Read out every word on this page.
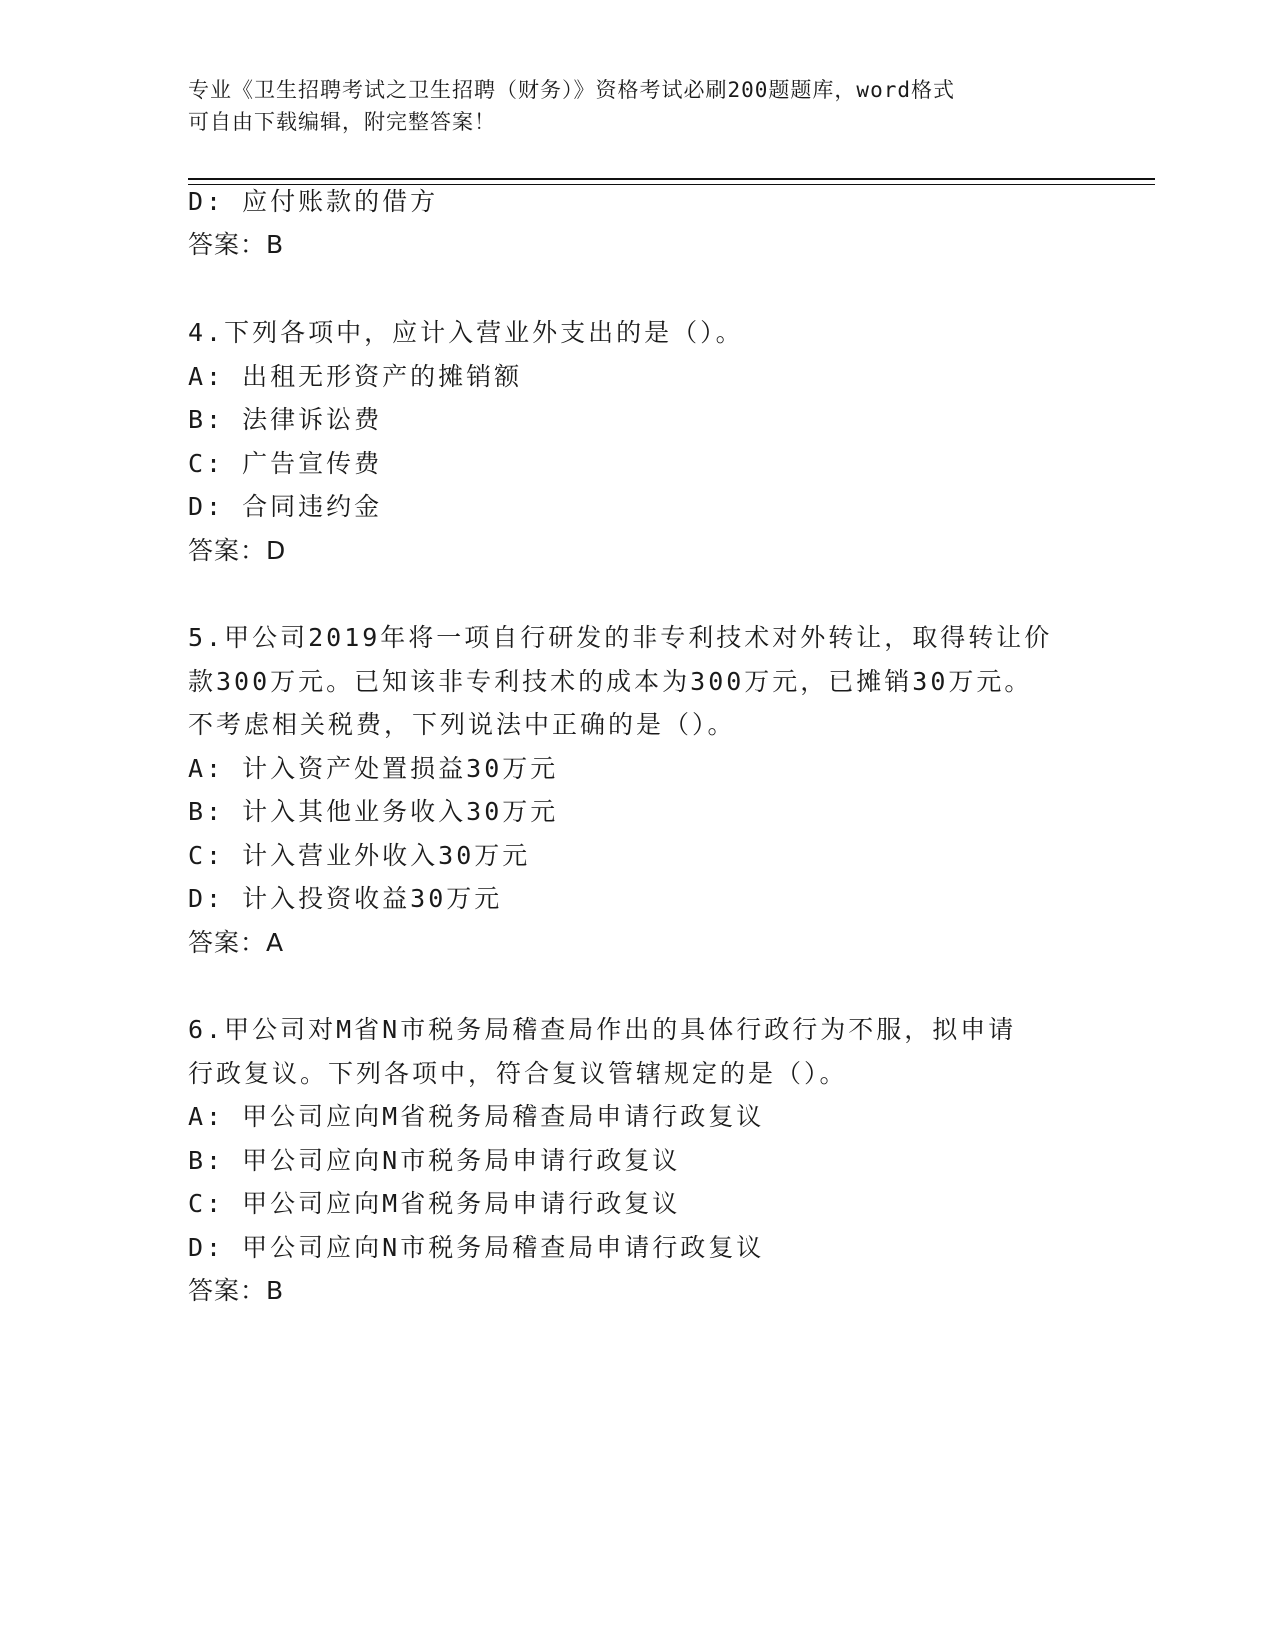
专业《卫生招聘考试之卫生招聘（财务）》资格考试必刷200题题库，word格式
可自由下载编辑，附完整答案！
D: 应付账款的借方
答案：B
4.下列各项中，应计入营业外支出的是（）。
A: 出租无形资产的摊销额
B: 法律诉讼费
C: 广告宣传费
D: 合同违约金
答案：D
5.甲公司2019年将一项自行研发的非专利技术对外转让，取得转让价
款300万元。已知该非专利技术的成本为300万元，已摊销30万元。
不考虑相关税费，下列说法中正确的是（）。
A: 计入资产处置损益30万元
B: 计入其他业务收入30万元
C: 计入营业外收入30万元
D: 计入投资收益30万元
答案：A
6.甲公司对M省N市税务局稽查局作出的具体行政行为不服，拟申请
行政复议。下列各项中，符合复议管辖规定的是（）。
A: 甲公司应向M省税务局稽查局申请行政复议
B: 甲公司应向N市税务局申请行政复议
C: 甲公司应向M省税务局申请行政复议
D: 甲公司应向N市税务局稽查局申请行政复议
答案：B
